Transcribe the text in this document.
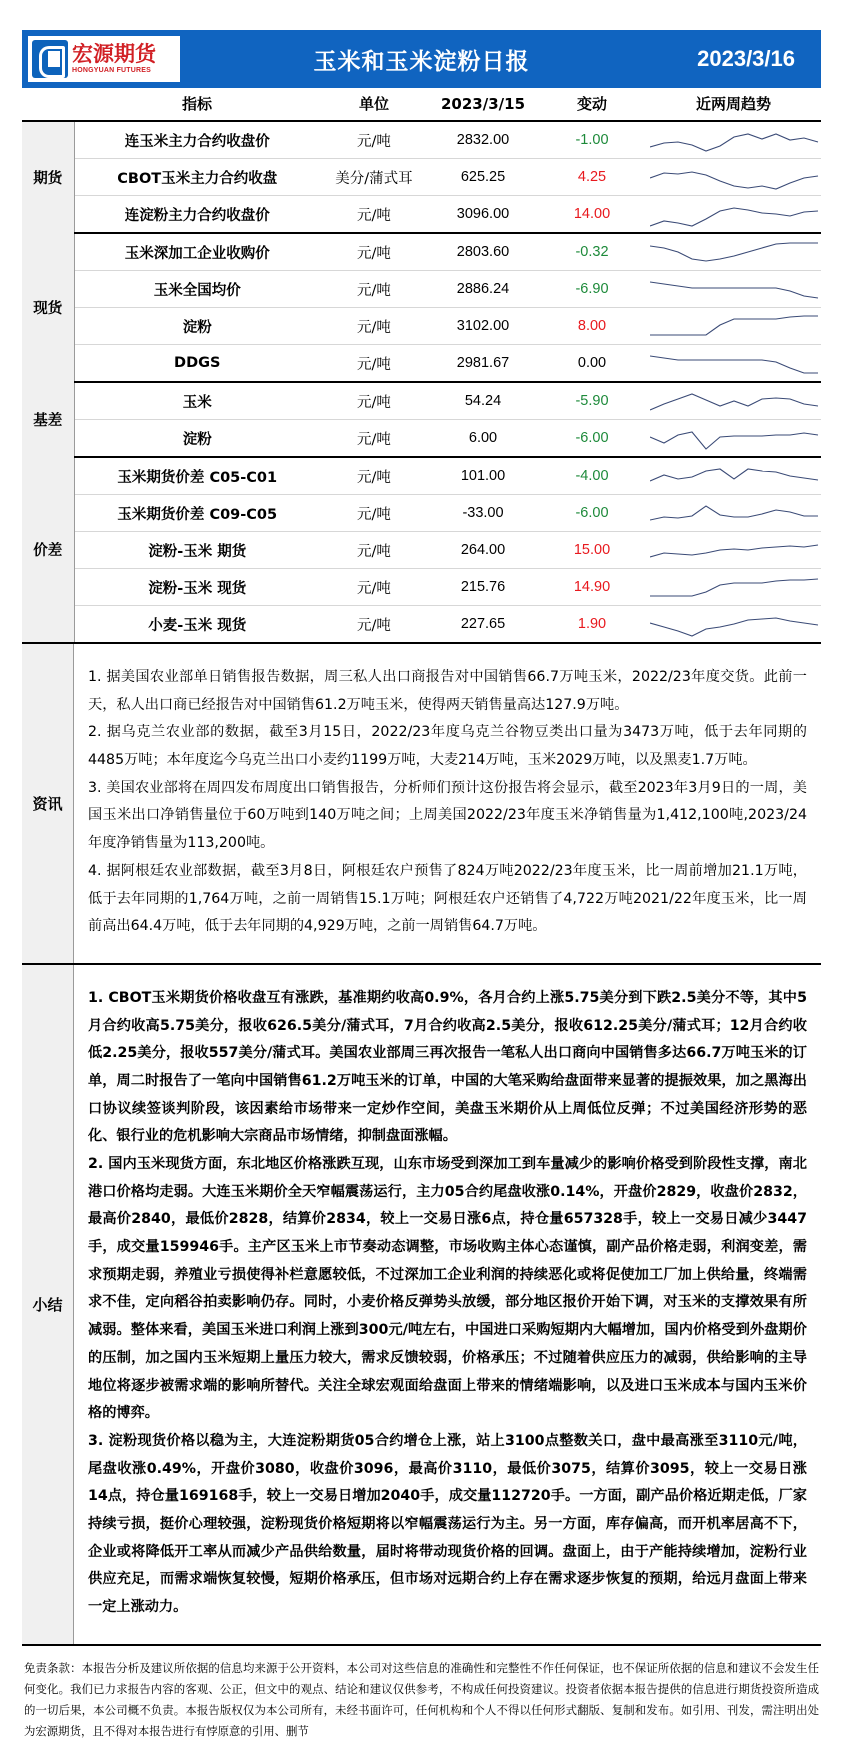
宏源期货
HONGYUAN FUTURES	玉米和玉米淀粉日报	2023/3/16
	指标	单位	2023/3/15	变动	近两周趋势
期货	连玉米主力合约收盘价	元/吨	2832.00	-1.00	

	CBOT玉米主力合约收盘	美分/蒲式耳	625.25	4.25	

	连淀粉主力合约收盘价	元/吨	3096.00	14.00	

现货	玉米深加工企业收购价	元/吨	2803.60	-0.32	

	玉米全国均价	元/吨	2886.24	-6.90	

	淀粉	元/吨	3102.00	8.00	

	DDGS	元/吨	2981.67	0.00	

基差	玉米	元/吨	54.24	-5.90	

	淀粉	元/吨	6.00	-6.00	

价差	玉米期货价差 C05-C01	元/吨	101.00	-4.00	

	玉米期货价差 C09-C05	元/吨	-33.00	-6.00	

	淀粉-玉米 期货	元/吨	264.00	15.00	

	淀粉-玉米 现货	元/吨	215.76	14.90	

	小麦-玉米 现货	元/吨	227.65	1.90	
资讯

1. 据美国农业部单日销售报告数据，周三私人出口商报告对中国销售66.7万吨玉米，2022/23年度交货。此前一天，私人出口商已经报告对中国销售61.2万吨玉米，使得两天销售量高达127.9万吨。

2. 据乌克兰农业部的数据，截至3月15日，2022/23年度乌克兰谷物豆类出口量为3473万吨，低于去年同期的4485万吨；本年度迄今乌克兰出口小麦约1199万吨，大麦214万吨，玉米2029万吨，以及黑麦1.7万吨。

3. 美国农业部将在周四发布周度出口销售报告，分析师们预计这份报告将会显示，截至2023年3月9日的一周，美国玉米出口净销售量位于60万吨到140万吨之间；上周美国2022/23年度玉米净销售量为1,412,100吨,2023/24年度净销售量为113,200吨。

4. 据阿根廷农业部数据，截至3月8日，阿根廷农户预售了824万吨2022/23年度玉米，比一周前增加21.1万吨，低于去年同期的1,764万吨，之前一周销售15.1万吨；阿根廷农户还销售了4,722万吨2021/22年度玉米，比一周前高出64.4万吨，低于去年同期的4,929万吨，之前一周销售64.7万吨。

小结

1. CBOT玉米期货价格收盘互有涨跌，基准期约收高0.9%，各月合约上涨5.75美分到下跌2.5美分不等，其中5月合约收高5.75美分，报收626.5美分/蒲式耳，7月合约收高2.5美分，报收612.25美分/蒲式耳；12月合约收低2.25美分，报收557美分/蒲式耳。美国农业部周三再次报告一笔私人出口商向中国销售多达66.7万吨玉米的订单，周二时报告了一笔向中国销售61.2万吨玉米的订单，中国的大笔采购给盘面带来显著的提振效果，加之黑海出口协议续签谈判阶段，该因素给市场带来一定炒作空间，美盘玉米期价从上周低位反弹；不过美国经济形势的恶化、银行业的危机影响大宗商品市场情绪，抑制盘面涨幅。

2. 国内玉米现货方面，东北地区价格涨跌互现，山东市场受到深加工到车量减少的影响价格受到阶段性支撑，南北港口价格均走弱。大连玉米期价全天窄幅震荡运行，主力05合约尾盘收涨0.14%，开盘价2829，收盘价2832，最高价2840，最低价2828，结算价2834，较上一交易日涨6点，持仓量657328手，较上一交易日减少3447手，成交量159946手。主产区玉米上市节奏动态调整，市场收购主体心态谨慎，副产品价格走弱，利润变差，需求预期走弱，养殖业亏损使得补栏意愿较低，不过深加工企业利润的持续恶化或将促使加工厂加上供给量，终端需求不佳，定向稻谷拍卖影响仍存。同时，小麦价格反弹势头放缓，部分地区报价开始下调，对玉米的支撑效果有所减弱。整体来看，美国玉米进口利润上涨到300元/吨左右，中国进口采购短期内大幅增加，国内价格受到外盘期价的压制，加之国内玉米短期上量压力较大，需求反馈较弱，价格承压；不过随着供应压力的减弱，供给影响的主导地位将逐步被需求端的影响所替代。关注全球宏观面给盘面上带来的情绪端影响，以及进口玉米成本与国内玉米价格的博弈。

3. 淀粉现货价格以稳为主，大连淀粉期货05合约增仓上涨，站上3100点整数关口，盘中最高涨至3110元/吨，尾盘收涨0.49%，开盘价3080，收盘价3096，最高价3110，最低价3075，结算价3095，较上一交易日涨14点，持仓量169168手，较上一交易日增加2040手，成交量112720手。一方面，副产品价格近期走低，厂家持续亏损，挺价心理较强，淀粉现货价格短期将以窄幅震荡运行为主。另一方面，库存偏高，而开机率居高不下，企业或将降低开工率从而减少产品供给数量，届时将带动现货价格的回调。盘面上，由于产能持续增加，淀粉行业供应充足，而需求端恢复较慢，短期价格承压，但市场对远期合约上存在需求逐步恢复的预期，给远月盘面上带来一定上涨动力。

免责条款：本报告分析及建议所依据的信息均来源于公开资料，本公司对这些信息的准确性和完整性不作任何保证，也不保证所依据的信息和建议不会发生任何变化。我们已力求报告内容的客观、公正，但文中的观点、结论和建议仅供参考，不构成任何投资建议。投资者依据本报告提供的信息进行期货投资所造成的一切后果，本公司概不负责。本报告版权仅为本公司所有，未经书面许可，任何机构和个人不得以任何形式翻版、复制和发布。如引用、刊发，需注明出处为宏源期货，且不得对本报告进行有悖原意的引用、删节
